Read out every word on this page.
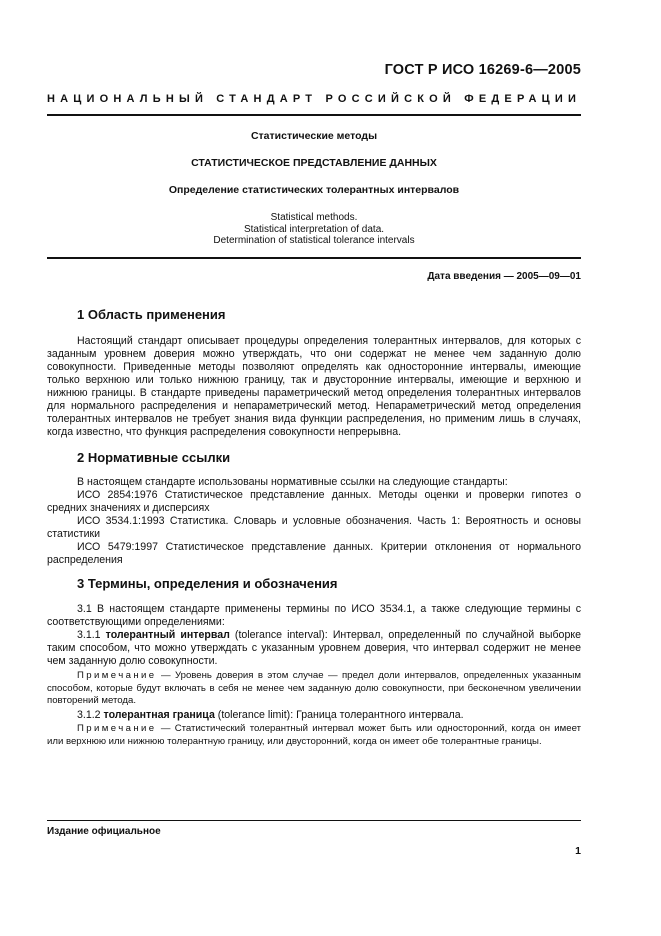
ГОСТ Р ИСО 16269-6—2005
НАЦИОНАЛЬНЫЙ СТАНДАРТ РОССИЙСКОЙ ФЕДЕРАЦИИ
Статистические методы
СТАТИСТИЧЕСКОЕ ПРЕДСТАВЛЕНИЕ ДАННЫХ
Определение статистических толерантных интервалов
Statistical methods.
Statistical interpretation of data.
Determination of statistical tolerance intervals
Дата введения — 2005—09—01
1 Область применения
Настоящий стандарт описывает процедуры определения толерантных интервалов, для которых с заданным уровнем доверия можно утверждать, что они содержат не менее чем заданную долю совокупности. Приведенные методы позволяют определять как односторонние интервалы, имеющие только верхнюю или только нижнюю границу, так и двусторонние интервалы, имеющие и верхнюю и нижнюю границы. В стандарте приведены параметрический метод определения толерантных интервалов для нормального распределения и непараметрический метод. Непараметрический метод определения толерантных интервалов не требует знания вида функции распределения, но применим лишь в случаях, когда известно, что функция распределения совокупности непрерывна.
2 Нормативные ссылки
В настоящем стандарте использованы нормативные ссылки на следующие стандарты:
ИСО 2854:1976 Статистическое представление данных. Методы оценки и проверки гипотез о средних значениях и дисперсиях
ИСО 3534.1:1993 Статистика. Словарь и условные обозначения. Часть 1: Вероятность и основы статистики
ИСО 5479:1997 Статистическое представление данных. Критерии отклонения от нормального распределения
3 Термины, определения и обозначения
3.1 В настоящем стандарте применены термины по ИСО 3534.1, а также следующие термины с соответствующими определениями:
3.1.1 толерантный интервал (tolerance interval): Интервал, определенный по случайной выборке таким способом, что можно утверждать с указанным уровнем доверия, что интервал содержит не менее чем заданную долю совокупности.
Примечание — Уровень доверия в этом случае — предел доли интервалов, определенных указанным способом, которые будут включать в себя не менее чем заданную долю совокупности, при бесконечном увеличении повторений метода.
3.1.2 толерантная граница (tolerance limit): Граница толерантного интервала.
Примечание — Статистический толерантный интервал может быть или односторонний, когда он имеет или верхнюю или нижнюю толерантную границу, или двусторонний, когда он имеет обе толерантные границы.
Издание официальное
1
